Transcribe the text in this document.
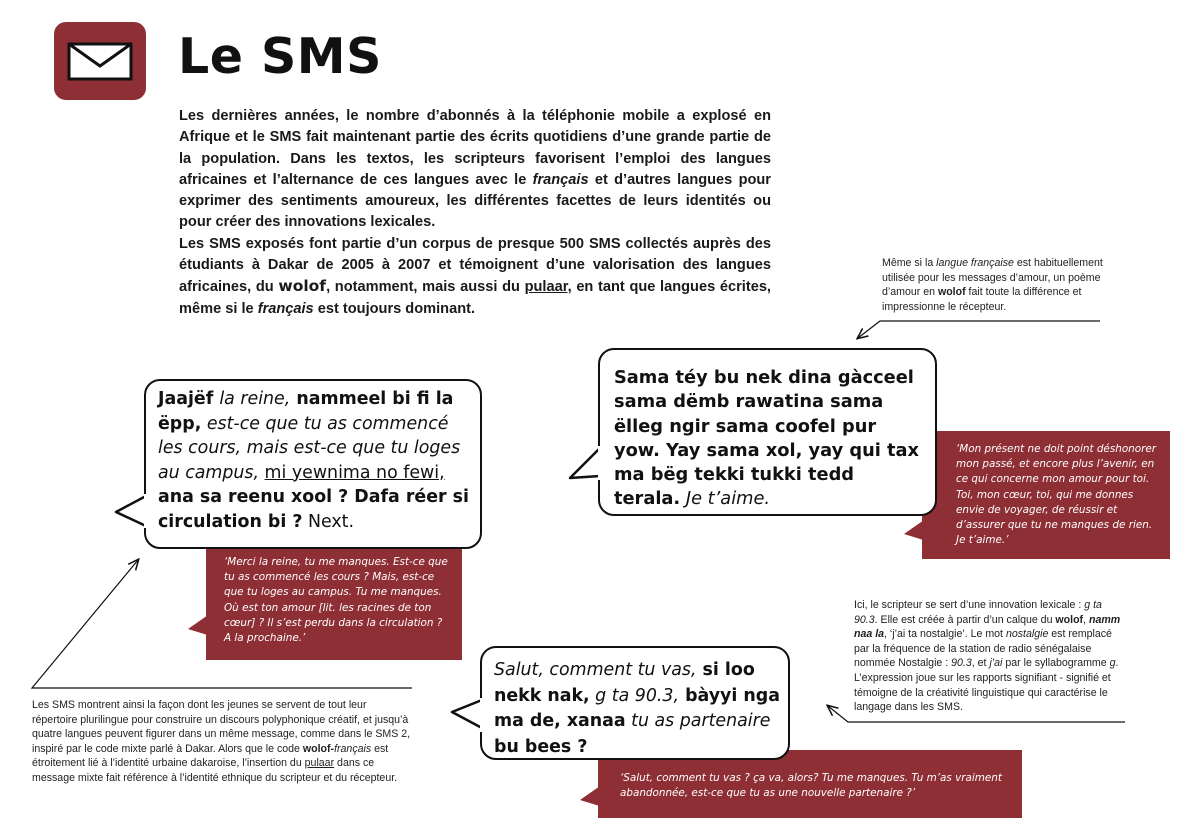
Le SMS

Les dernières années, le nombre d’abonnés à la téléphonie mobile a explosé en Afrique et le SMS fait maintenant partie des écrits quotidiens d’une grande partie de la population. Dans les textos, les scripteurs favorisent l’emploi des langues africaines et l’alternance de ces langues avec le français et d’autres langues pour exprimer des sentiments amoureux, les différentes facettes de leurs identités ou pour créer des innovations lexicales.

Les SMS exposés font partie d’un corpus de presque 500 SMS collectés auprès des étudiants à Dakar de 2005 à 2007 et témoignent d’une valorisation des langues africaines, du wolof, notamment, mais aussi du pulaar, en tant que langues écrites, même si le français est toujours dominant.

Même si la langue française est habituellement utilisée pour les messages d’amour, un poème d’amour en wolof fait toute la différence et impressionne le récepteur.
Ici, le scripteur se sert d’une innovation lexicale : g ta 90.3. Elle est créée à partir d’un calque du wolof, namm naa la, ‘j’ai ta nostalgie’. Le mot nostalgie est remplacé par la fréquence de la station de radio sénégalaise nommée Nostalgie : 90.3, et j’ai par le syllabogramme g. L’expression joue sur les rapports signifiant - signifié et témoigne de la créativité linguistique qui caractérise le langage dans les SMS.
Les SMS montrent ainsi la façon dont les jeunes se servent de tout leur répertoire plurilingue pour construire un discours polyphonique créatif, et jusqu’à quatre langues peuvent figurer dans un même message, comme dans le SMS 2, inspiré par le code mixte parlé à Dakar. Alors que le code wolof-français est étroitement lié à l’identité urbaine dakaroise, l’insertion du pulaar dans ce message mixte fait référence à l’identité ethnique du scripteur et du récepteur.
‘Merci la reine, tu me manques. Est-ce que tu as commencé les cours ? Mais, est-ce que tu loges au campus. Tu me manques. Où est ton amour [lit. les racines de ton cœur] ? Il s’est perdu dans la circulation ? A la prochaine.’
Jaajëf la reine, nammeel bi fi la ëpp, est-ce que tu as commencé les cours, mais est-ce que tu loges au campus, mi yewnima no fewi, ana sa reenu xool ? Dafa réer si circulation bi ? Next.
‘Mon présent ne doit point déshonorer mon passé, et encore plus l’avenir, en ce qui concerne mon amour pour toi. Toi, mon cœur, toi, qui me donnes envie de voyager, de réussir et d’assurer que tu ne manques de rien. Je t’aime.’
Sama téy bu nek dina gàcceel sama dëmb rawatina sama ëlleg ngir sama coofel pur yow. Yay sama xol, yay qui tax ma bëg tekki tukki tedd terala. Je t’aime.
‘Salut, comment tu vas ? ça va, alors? Tu me manques. Tu m’as vraiment abandonnée, est-ce que tu as une nouvelle partenaire ?’
Salut, comment tu vas, si loo nekk nak, g ta 90.3, bàyyi nga ma de, xanaa tu as partenaire bu bees ?
